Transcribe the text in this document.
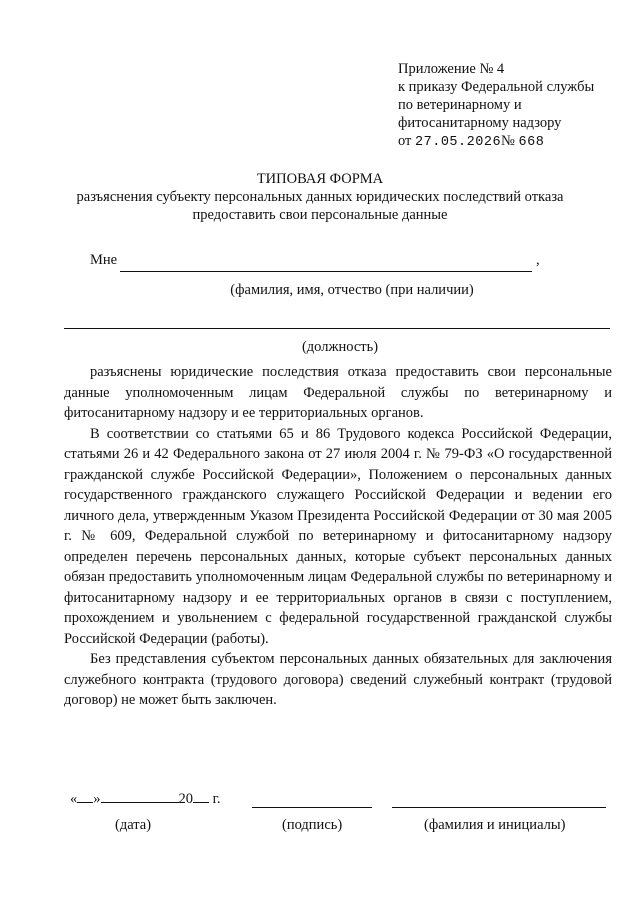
Приложение № 4
к приказу Федеральной службы
по ветеринарному и
фитосанитарному надзору
от 27.05.2026№ 668
ТИПОВАЯ ФОРМА
разъяснения субъекту персональных данных юридических последствий отказа
предоставить свои персональные данные
Мне	,
(фамилия, имя, отчество (при наличии)
(должность)

разъяснены юридические последствия отказа предоставить свои персональные данные уполномоченным лицам Федеральной службы по ветеринарному и фитосанитарному надзору и ее территориальных органов.

В соответствии со статьями 65 и 86 Трудового кодекса Российской Федерации, статьями 26 и 42 Федерального закона от 27 июля 2004 г. № 79-ФЗ «О государственной гражданской службе Российской Федерации», Положением о персональных данных государственного гражданского служащего Российской Федерации и ведении его личного дела, утвержденным Указом Президента Российской Федерации от 30 мая 2005 г. № 609, Федеральной службой по ветеринарному и фитосанитарному надзору определен перечень персональных данных, которые субъект персональных данных обязан предоставить уполномоченным лицам Федеральной службы по ветеринарному и фитосанитарному надзору и ее территориальных органов в связи с поступлением, прохождением и увольнением с федеральной государственной гражданской службы Российской Федерации (работы).

Без представления субъектом персональных данных обязательных для заключения служебного контракта (трудового договора) сведений служебный контракт (трудовой договор) не может быть заключен.

« »	20 г.
(дата)	(подпись)	(фамилия и инициалы)
